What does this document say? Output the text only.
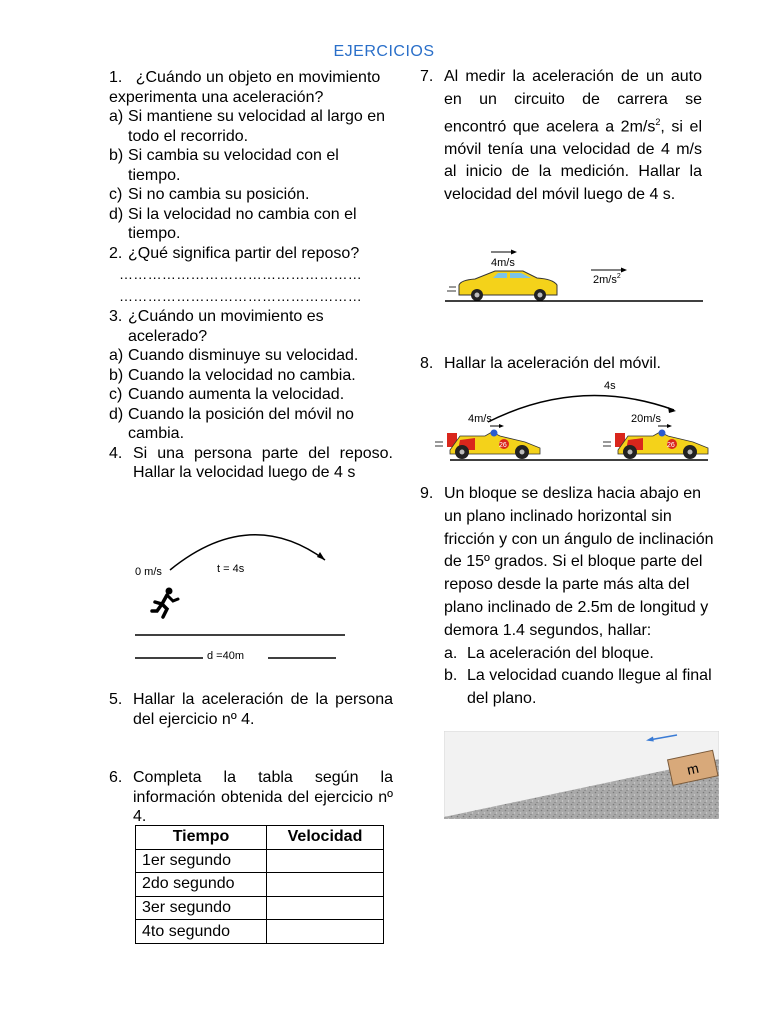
EJERCICIOS
1. ¿Cuándo un objeto en movimiento experimenta una aceleración?
a) Si mantiene su velocidad al largo en todo el recorrido.
b) Si cambia su velocidad con el tiempo.
c) Si no cambia su posición.
d) Si la velocidad no cambia con el tiempo.
2. ¿Qué significa partir del reposo?
……………………………………………
……………………………………………
3. ¿Cuándo un movimiento es acelerado?
a) Cuando disminuye su velocidad.
b) Cuando la velocidad no cambia.
c) Cuando aumenta la velocidad.
d) Cuando la posición del móvil no cambia.
4. Si una persona parte del reposo. Hallar la velocidad luego de 4 s
0 m/s	t = 4s
d =40m
5. Hallar la aceleración de la persona del ejercicio nº 4.
6. Completa la tabla según la información obtenida del ejercicio nº 4.
Tiempo	Velocidad
1er segundo	
2do segundo	
3er segundo	
4to segundo	
7. Al medir la aceleración de un auto en un circuito de carrera se encontró que acelera a $2m/s^2$, si el móvil tenía una velocidad de 4 m/s al inicio de la medición. Hallar la velocidad del móvil luego de 4 s.
4m/s
$2m/s^2$
8. Hallar la aceleración del móvil.
4s
4m/s	20m/s
26	26
9. Un bloque se desliza hacia abajo en un plano inclinado horizontal sin fricción y con un ángulo de inclinación de 15º grados. Si el bloque parte del reposo desde la parte más alta del plano inclinado de 2.5m de longitud y demora 1.4 segundos, hallar:
a. La aceleración del bloque.
b. La velocidad cuando llegue al final del plano.
m
